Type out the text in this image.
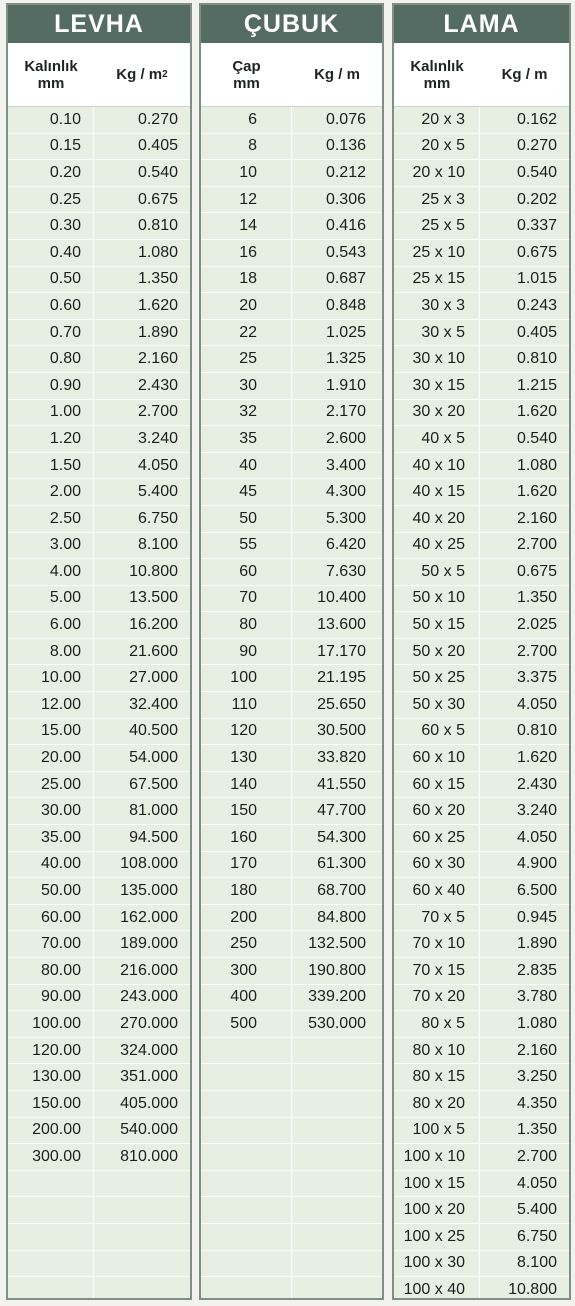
LEVHA
Kalınlık
mm	Kg / m 2
0.10	0.270
0.15	0.405
0.20	0.540
0.25	0.675
0.30	0.810
0.40	1.080
0.50	1.350
0.60	1.620
0.70	1.890
0.80	2.160
0.90	2.430
1.00	2.700
1.20	3.240
1.50	4.050
2.00	5.400
2.50	6.750
3.00	8.100
4.00	10.800
5.00	13.500
6.00	16.200
8.00	21.600
10.00	27.000
12.00	32.400
15.00	40.500
20.00	54.000
25.00	67.500
30.00	81.000
35.00	94.500
40.00	108.000
50.00	135.000
60.00	162.000
70.00	189.000
80.00	216.000
90.00	243.000
100.00	270.000
120.00	324.000
130.00	351.000
150.00	405.000
200.00	540.000
300.00	810.000
ÇUBUK
Çap
mm	Kg / m
6	0.076
8	0.136
10	0.212
12	0.306
14	0.416
16	0.543
18	0.687
20	0.848
22	1.025
25	1.325
30	1.910
32	2.170
35	2.600
40	3.400
45	4.300
50	5.300
55	6.420
60	7.630
70	10.400
80	13.600
90	17.170
100	21.195
110	25.650
120	30.500
130	33.820
140	41.550
150	47.700
160	54.300
170	61.300
180	68.700
200	84.800
250	132.500
300	190.800
400	339.200
500	530.000
LAMA
Kalınlık
mm	Kg / m
20 x 3	0.162
20 x 5	0.270
20 x 10	0.540
25 x 3	0.202
25 x 5	0.337
25 x 10	0.675
25 x 15	1.015
30 x 3	0.243
30 x 5	0.405
30 x 10	0.810
30 x 15	1.215
30 x 20	1.620
40 x 5	0.540
40 x 10	1.080
40 x 15	1.620
40 x 20	2.160
40 x 25	2.700
50 x 5	0.675
50 x 10	1.350
50 x 15	2.025
50 x 20	2.700
50 x 25	3.375
50 x 30	4.050
60 x 5	0.810
60 x 10	1.620
60 x 15	2.430
60 x 20	3.240
60 x 25	4.050
60 x 30	4.900
60 x 40	6.500
70 x 5	0.945
70 x 10	1.890
70 x 15	2.835
70 x 20	3.780
80 x 5	1.080
80 x 10	2.160
80 x 15	3.250
80 x 20	4.350
100 x 5	1.350
100 x 10	2.700
100 x 15	4.050
100 x 20	5.400
100 x 25	6.750
100 x 30	8.100
100 x 40	10.800
